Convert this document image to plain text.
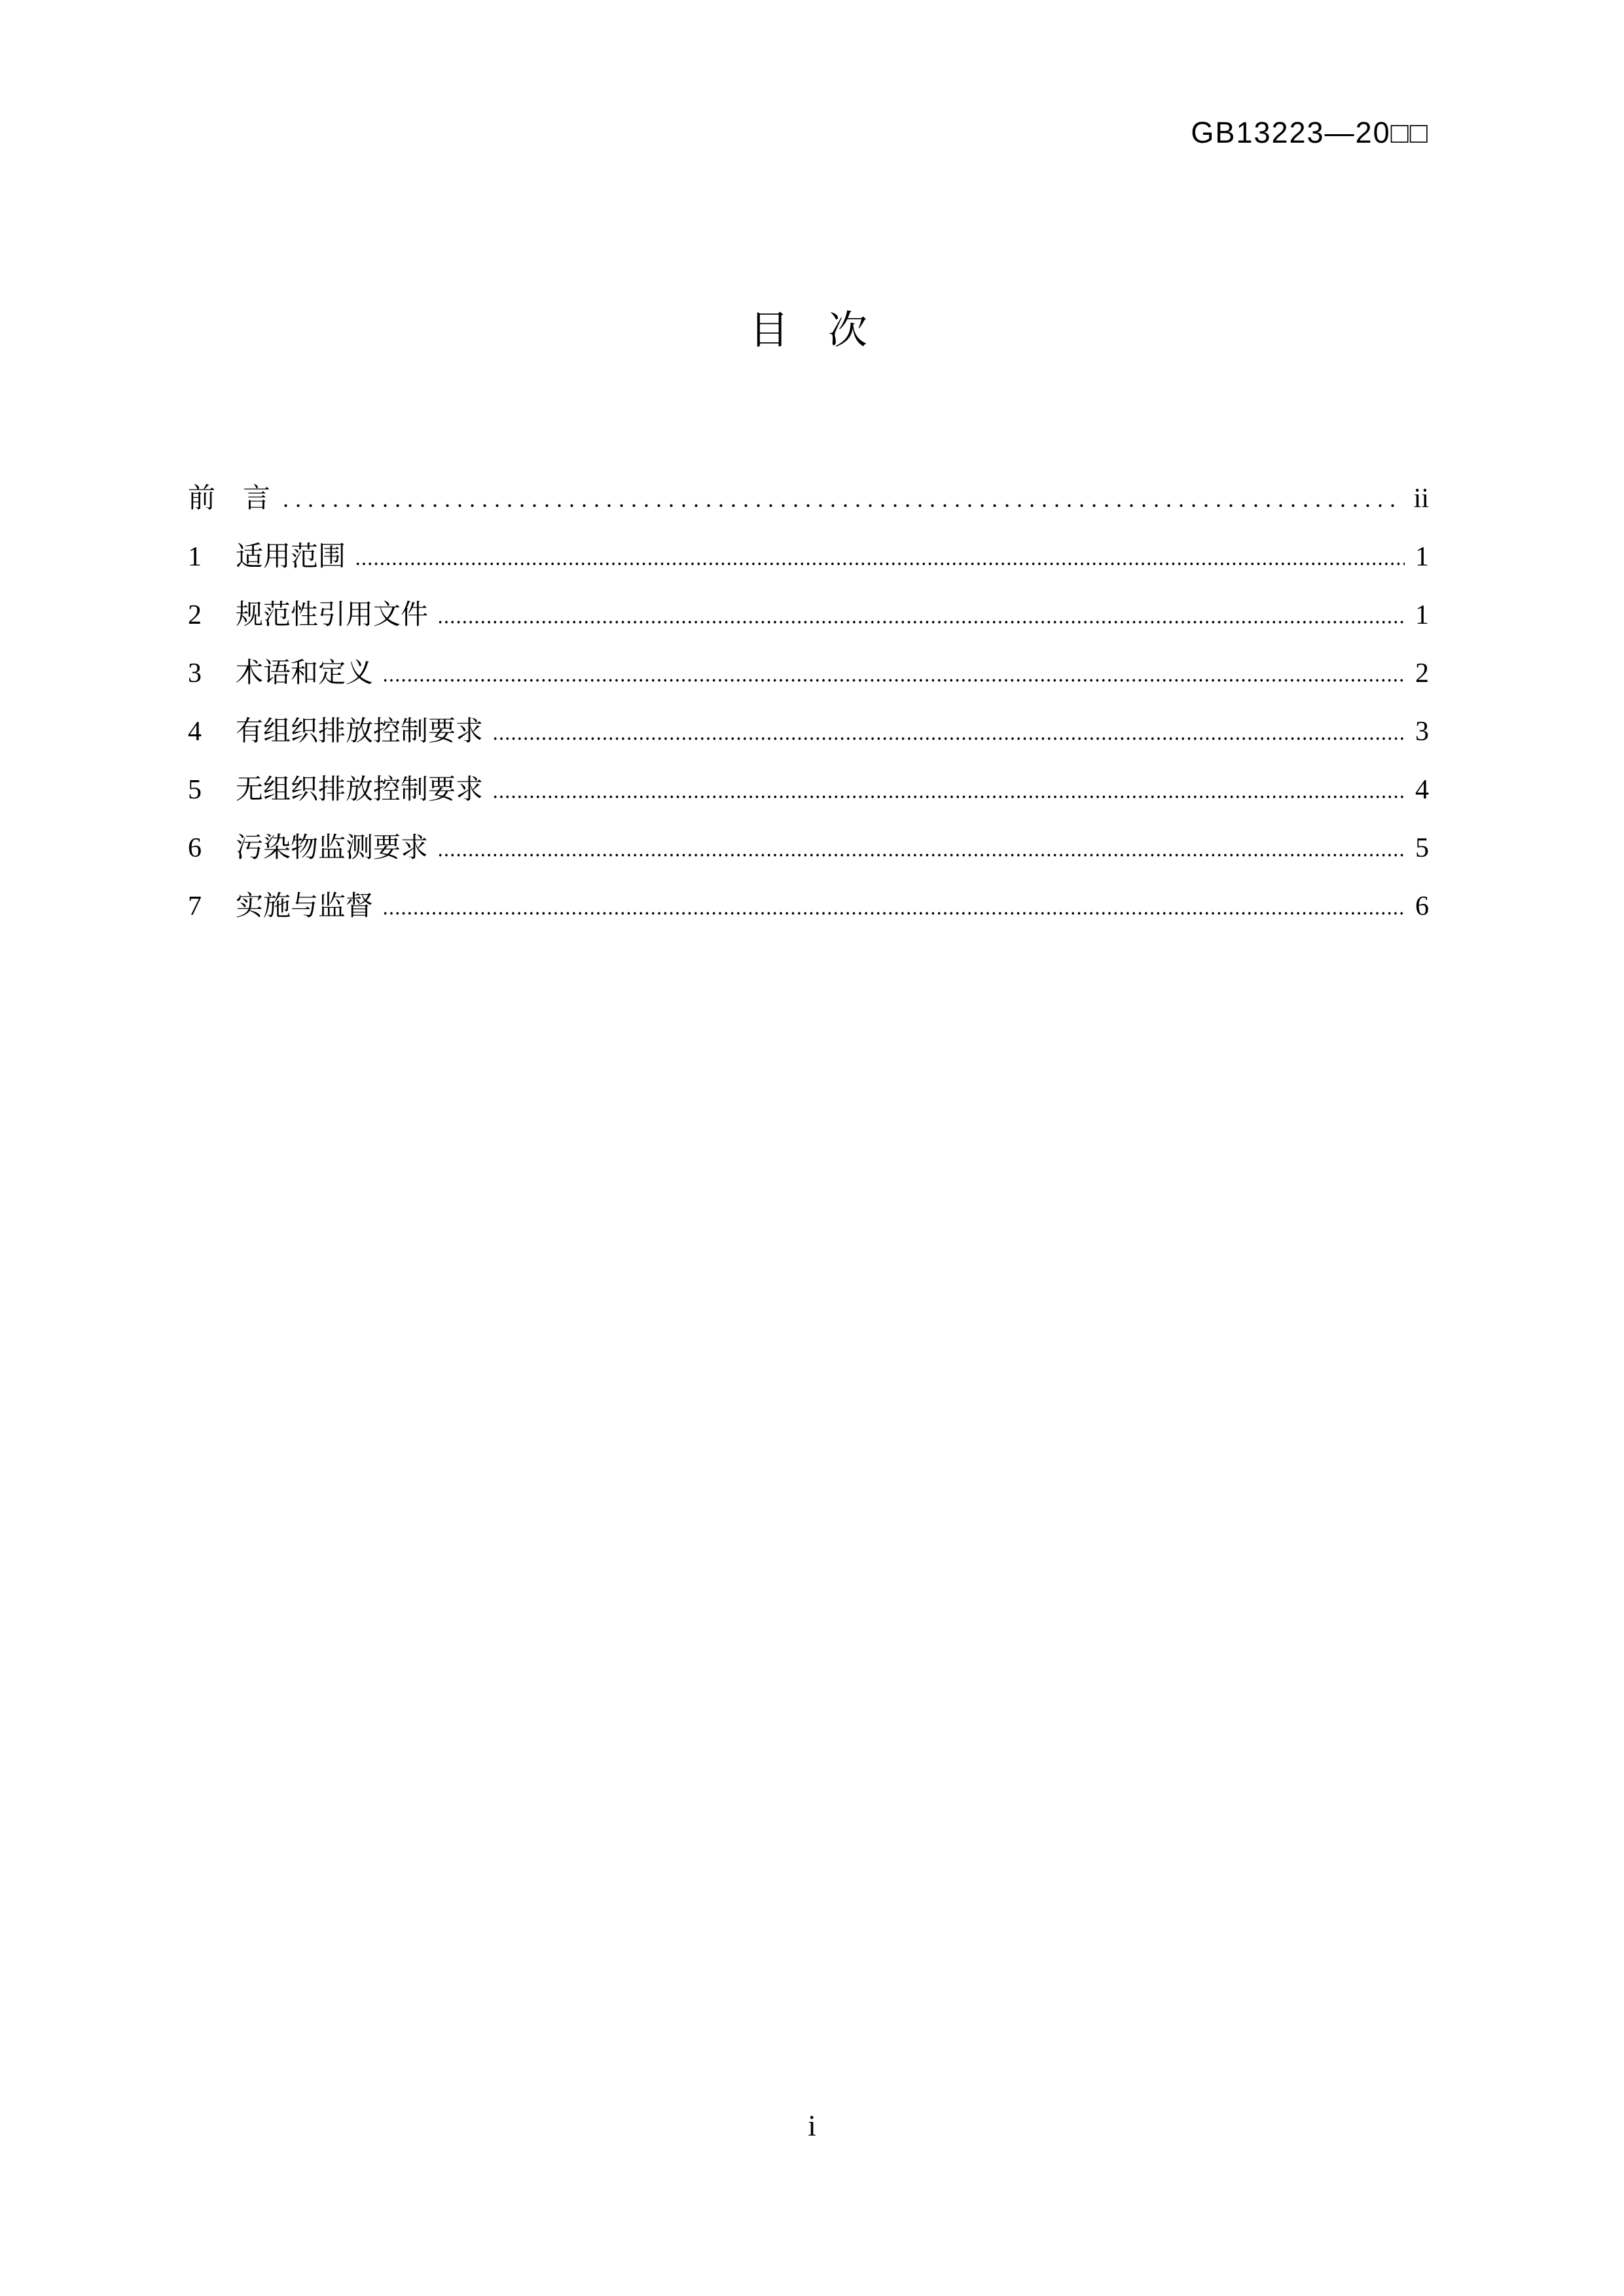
GB13223—20□□
目　次
前　言	ii
1	适用范围	1
2	规范性引用文件	1
3	术语和定义	2
4	有组织排放控制要求	3
5	无组织排放控制要求	4
6	污染物监测要求	5
7	实施与监督	6
i
